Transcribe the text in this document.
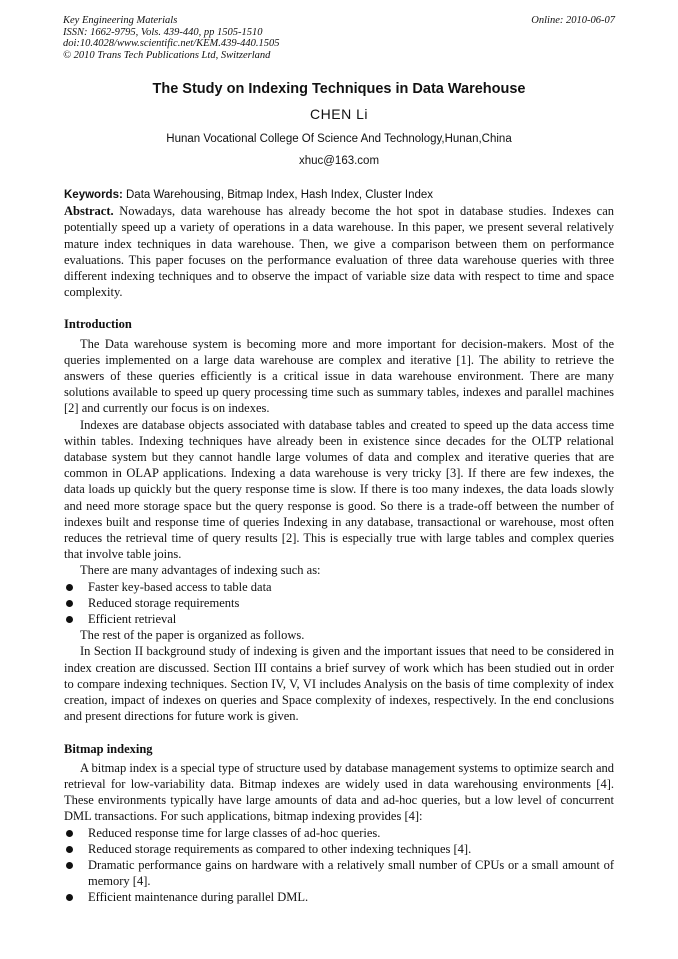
Key Engineering Materials
ISSN: 1662-9795, Vols. 439-440, pp 1505-1510
doi:10.4028/www.scientific.net/KEM.439-440.1505
© 2010 Trans Tech Publications Ltd, Switzerland
Online: 2010-06-07
The Study on Indexing Techniques in Data Warehouse
CHEN Li
Hunan Vocational College Of Science And Technology,Hunan,China
xhuc@163.com

Keywords: Data Warehousing, Bitmap Index, Hash Index, Cluster Index

Abstract. Nowadays, data warehouse has already become the hot spot in database studies. Indexes can potentially speed up a variety of operations in a data warehouse. In this paper, we present several relatively mature index techniques in data warehouse. Then, we give a comparison between them on performance evaluations. This paper focuses on the performance evaluation of three data warehouse queries with three different indexing techniques and to observe the impact of variable size data with respect to time and space complexity.

Introduction

The Data warehouse system is becoming more and more important for decision-makers. Most of the queries implemented on a large data warehouse are complex and iterative [1]. The ability to retrieve the answers of these queries efficiently is a critical issue in data warehouse environment. There are many solutions available to speed up query processing time such as summary tables, indexes and parallel machines [2] and currently our focus is on indexes.

Indexes are database objects associated with database tables and created to speed up the data access time within tables. Indexing techniques have already been in existence since decades for the OLTP relational database system but they cannot handle large volumes of data and complex and iterative queries that are common in OLAP applications. Indexing a data warehouse is very tricky [3]. If there are few indexes, the data loads up quickly but the query response time is slow. If there is too many indexes, the data loads slowly and need more storage space but the query response is good. So there is a trade-off between the number of indexes built and response time of queries Indexing in any database, transactional or warehouse, most often reduces the retrieval time of query results [2]. This is especially true with large tables and complex queries that involve table joins.

There are many advantages of indexing such as:

Faster key-based access to table data
Reduced storage requirements
Efficient retrieval

The rest of the paper is organized as follows.

In Section II background study of indexing is given and the important issues that need to be considered in index creation are discussed. Section III contains a brief survey of work which has been studied out in order to compare indexing techniques. Section IV, V, VI includes Analysis on the basis of time complexity of index creation, impact of indexes on queries and Space complexity of indexes, respectively. In the end conclusions and present directions for future work is given.

Bitmap indexing

A bitmap index is a special type of structure used by database management systems to optimize search and retrieval for low-variability data. Bitmap indexes are widely used in data warehousing environments [4]. These environments typically have large amounts of data and ad-hoc queries, but a low level of concurrent DML transactions. For such applications, bitmap indexing provides [4]:

Reduced response time for large classes of ad-hoc queries.
Reduced storage requirements as compared to other indexing techniques [4].
Dramatic performance gains on hardware with a relatively small number of CPUs or a small amount of memory [4].
Efficient maintenance during parallel DML.
